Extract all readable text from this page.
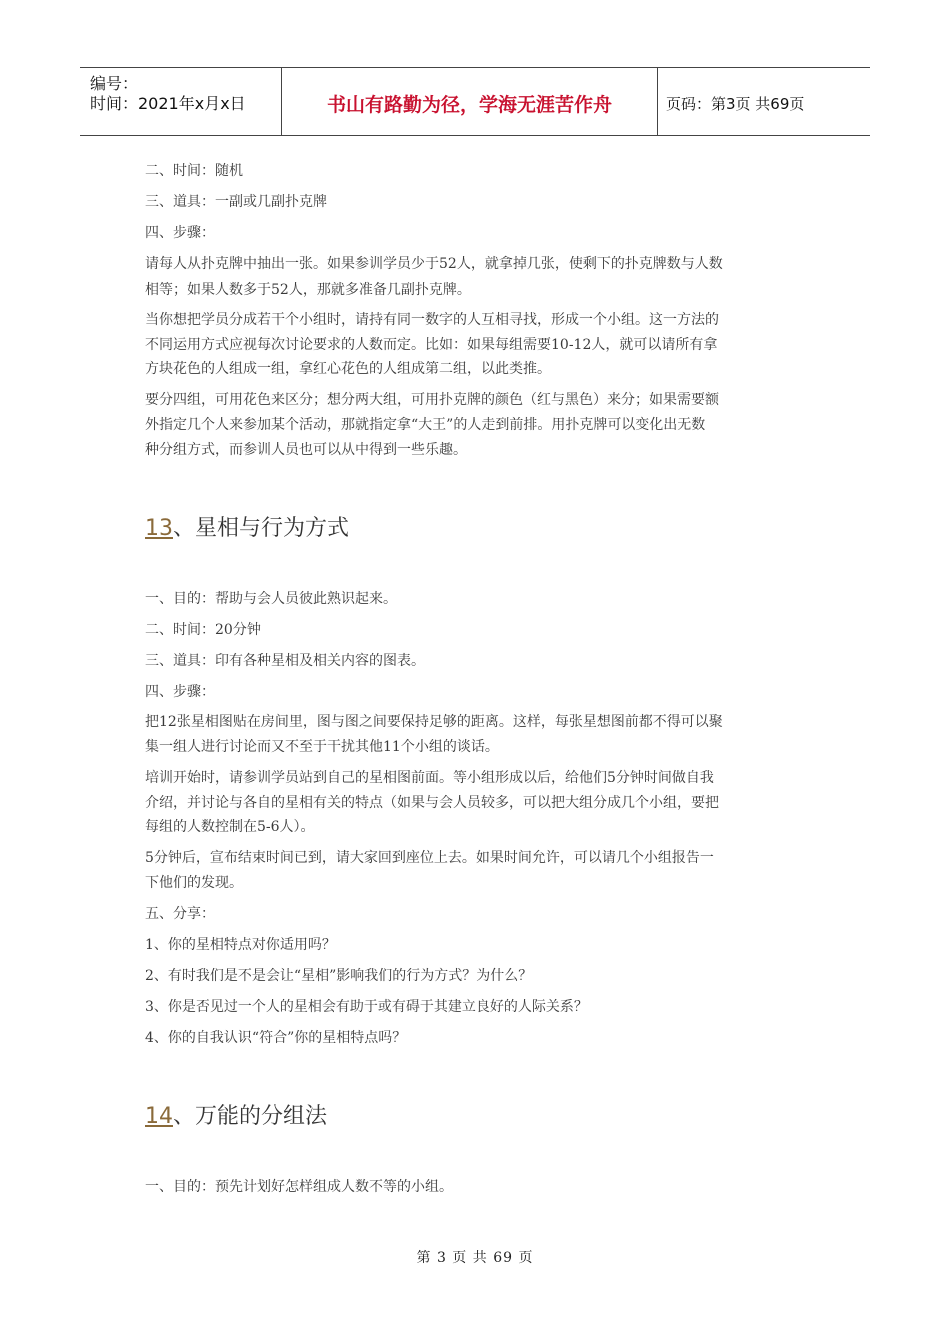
编号：
时间：2021年x月x日	书山有路勤为径，学海无涯苦作舟	页码：第3页 共69页
二、时间：随机
三、道具：一副或几副扑克牌
四、步骤：
请每人从扑克牌中抽出一张。如果参训学员少于52人，就拿掉几张，使剩下的扑克牌数与人数
相等；如果人数多于52人，那就多准备几副扑克牌。
当你想把学员分成若干个小组时，请持有同一数字的人互相寻找，形成一个小组。这一方法的
不同运用方式应视每次讨论要求的人数而定。比如：如果每组需要10-12人，就可以请所有拿
方块花色的人组成一组，拿红心花色的人组成第二组，以此类推。
要分四组，可用花色来区分；想分两大组，可用扑克牌的颜色（红与黑色）来分；如果需要额
外指定几个人来参加某个活动，那就指定拿“大王”的人走到前排。用扑克牌可以变化出无数
种分组方式，而参训人员也可以从中得到一些乐趣。
13、星相与行为方式
一、目的：帮助与会人员彼此熟识起来。
二、时间：20分钟
三、道具：印有各种星相及相关内容的图表。
四、步骤：
把12张星相图贴在房间里，图与图之间要保持足够的距离。这样，每张星想图前都不得可以聚
集一组人进行讨论而又不至于干扰其他11个小组的谈话。
培训开始时，请参训学员站到自己的星相图前面。等小组形成以后，给他们5分钟时间做自我
介绍，并讨论与各自的星相有关的特点（如果与会人员较多，可以把大组分成几个小组，要把
每组的人数控制在5-6人）。
5分钟后，宣布结束时间已到，请大家回到座位上去。如果时间允许，可以请几个小组报告一
下他们的发现。
五、分享：
1、你的星相特点对你适用吗？
2、有时我们是不是会让“星相”影响我们的行为方式？为什么？
3、你是否见过一个人的星相会有助于或有碍于其建立良好的人际关系？
4、你的自我认识“符合”你的星相特点吗？
14、万能的分组法
一、目的：预先计划好怎样组成人数不等的小组。
第 3 页 共 69 页
